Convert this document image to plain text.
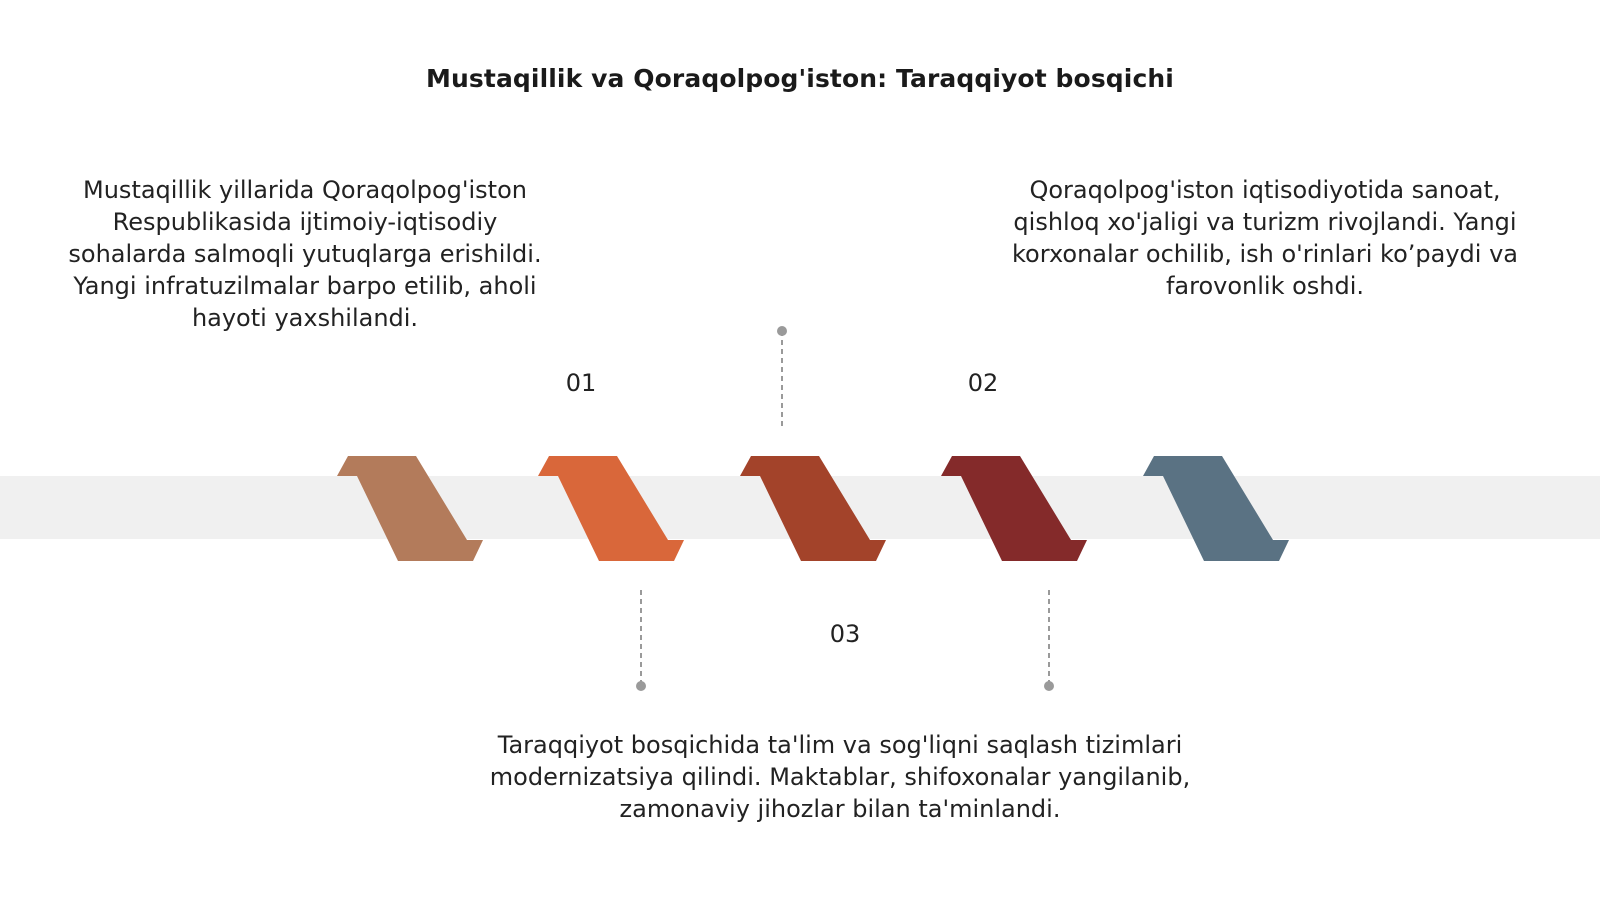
Mustaqillik va Qoraqolpog'iston: Taraqqiyot bosqichi
Mustaqillik yillarida Qoraqolpog'iston Respublikasida ijtimoiy-iqtisodiy sohalarda salmoqli yutuqlarga erishildi. Yangi infratuzilmalar barpo etilib, aholi hayoti yaxshilandi.
Qoraqolpog'iston iqtisodiyotida sanoat, qishloq xo'jaligi va turizm rivojlandi. Yangi korxonalar ochilib, ish o'rinlari ko’paydi va farovonlik oshdi.
Taraqqiyot bosqichida ta'lim va sog'liqni saqlash tizimlari modernizatsiya qilindi. Maktablar, shifoxonalar yangilanib, zamonaviy jihozlar bilan ta'minlandi.
01	02
03
